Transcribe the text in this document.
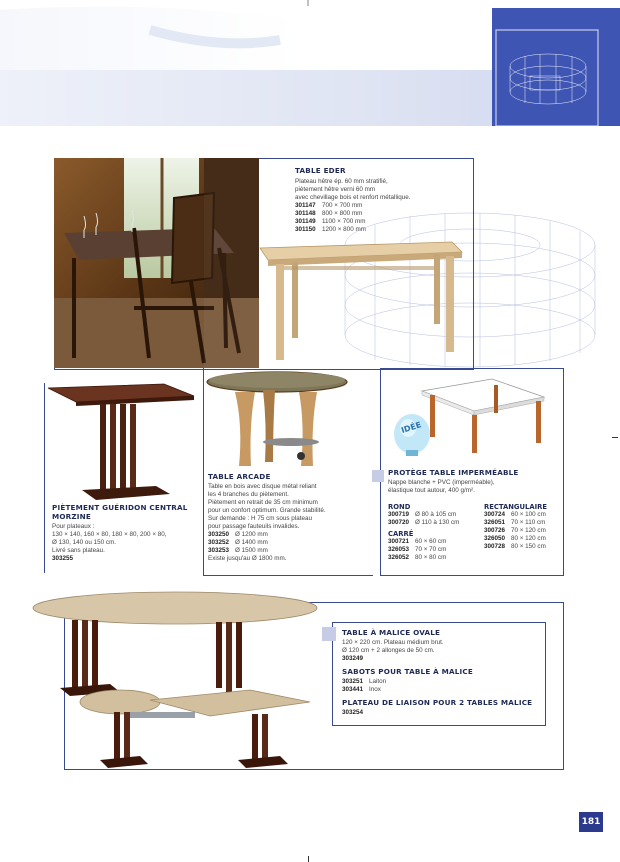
TABLE EDER
Plateau hêtre ép. 60 mm stratifié,
piètement hêtre verni 60 mm
avec chevillage bois et renfort métallique.
301147 700 × 700 mm
301148 800 × 800 mm
301149 1100 × 700 mm
301150 1200 × 800 mm
PIÈTEMENT GUÉRIDON CENTRAL
MORZINE
Pour plateaux :
130 × 140, 160 × 80, 180 × 80, 200 × 80,
Ø 130, 140 ou 150 cm.
Livré sans plateau.
303255
TABLE ARCADE
Table en bois avec disque métal reliant
les 4 branches du piètement.
Piètement en retrait de 35 cm minimum
pour un confort optimum. Grande stabilité.
Sur demande : H 75 cm sous plateau
pour passage fauteuils invalides.
303250 Ø 1200 mm
303252 Ø 1400 mm
303253 Ø 1500 mm
Existe jusqu'au Ø 1800 mm.
IDÉE
PROTÈGE TABLE IMPERMÉABLE
Nappe blanche + PVC (imperméable),
élastique tout autour, 400 g/m².
ROND
300719 Ø 80 à 105 cm
300720 Ø 110 à 130 cm
CARRÉ
300721 60 × 60 cm
326053 70 × 70 cm
326052 80 × 80 cm
RECTANGULAIRE
300724 60 × 100 cm
326051 70 × 110 cm
300726 70 × 120 cm
326050 80 × 120 cm
300728 80 × 150 cm
TABLE À MALICE OVALE
120 × 220 cm. Plateau médium brut.
Ø 120 cm + 2 allonges de 50 cm.
303249
SABOTS POUR TABLE À MALICE
303251 Laiton
303441 Inox
PLATEAU DE LIAISON POUR 2 TABLES MALICE
303254
181
